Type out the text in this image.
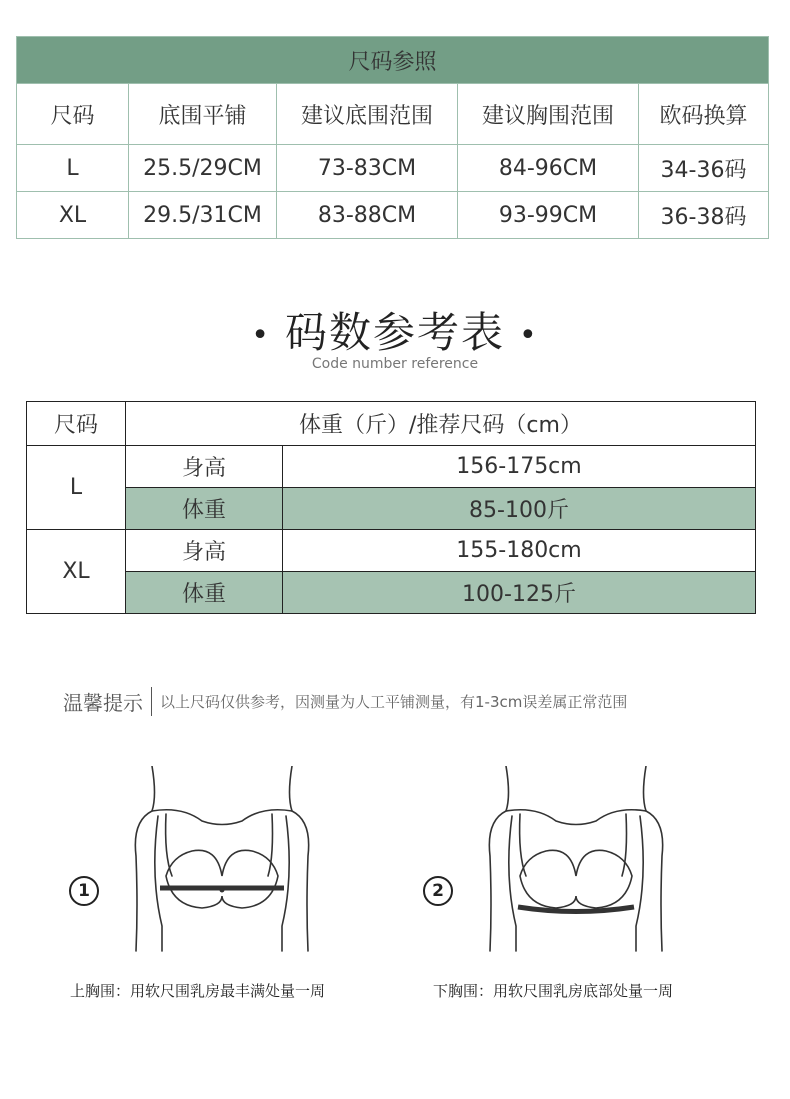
尺码参照				
尺码	底围平铺	建议底围范围	建议胸围范围	欧码换算
L	25.5/29CM	73-83CM	84-96CM	34-36码
XL	29.5/31CM	83-88CM	93-99CM	36-38码
• 码数参考表 •
Code number reference
尺码	体重（斤）/推荐尺码（cm）	
L	身高	156-175cm
	体重	85-100斤
XL	身高	155-180cm
	体重	100-125斤
温馨提示	以上尺码仅供参考，因测量为人工平铺测量，有1-3cm误差属正常范围
1
上胸围：用软尺围乳房最丰满处量一周
2
下胸围：用软尺围乳房底部处量一周
